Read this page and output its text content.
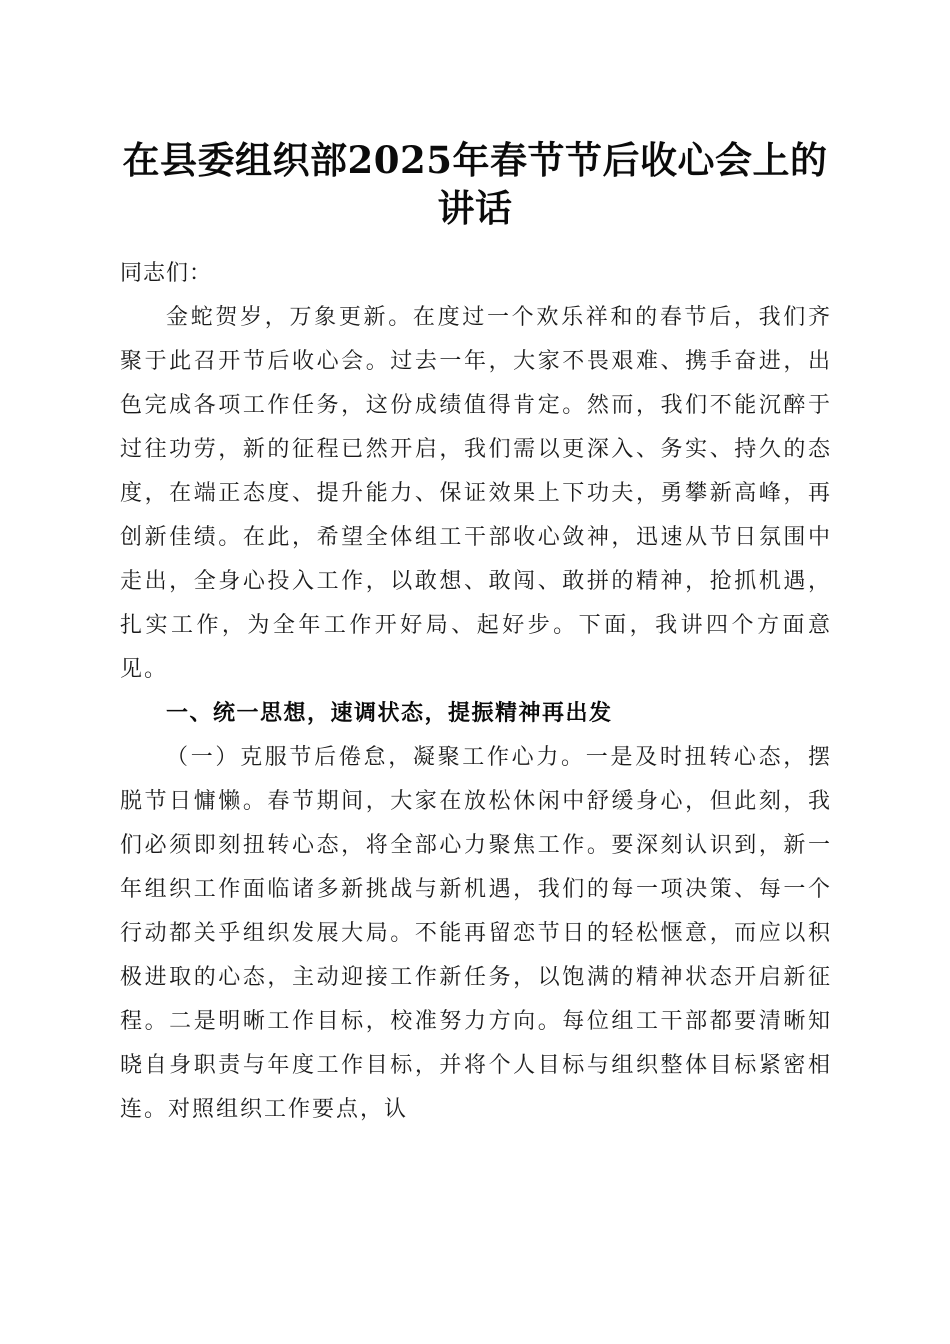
在县委组织部2025年春节节后收心会上的讲话

同志们：

金蛇贺岁，万象更新。在度过一个欢乐祥和的春节后，我们齐聚于此召开节后收心会。过去一年，大家不畏艰难、携手奋进，出色完成各项工作任务，这份成绩值得肯定。然而，我们不能沉醉于过往功劳，新的征程已然开启，我们需以更深入、务实、持久的态度，在端正态度、提升能力、保证效果上下功夫，勇攀新高峰，再创新佳绩。在此，希望全体组工干部收心敛神，迅速从节日氛围中走出，全身心投入工作，以敢想、敢闯、敢拼的精神，抢抓机遇，扎实工作，为全年工作开好局、起好步。下面，我讲四个方面意见。

一、统一思想，速调状态，提振精神再出发

（一）克服节后倦怠，凝聚工作心力。一是及时扭转心态，摆脱节日慵懒。春节期间，大家在放松休闲中舒缓身心，但此刻，我们必须即刻扭转心态，将全部心力聚焦工作。要深刻认识到，新一年组织工作面临诸多新挑战与新机遇，我们的每一项决策、每一个行动都关乎组织发展大局。不能再留恋节日的轻松惬意，而应以积极进取的心态，主动迎接工作新任务，以饱满的精神状态开启新征程。二是明晰工作目标，校准努力方向。每位组工干部都要清晰知晓自身职责与年度工作目标，并将个人目标与组织整体目标紧密相连。对照组织工作要点，认
